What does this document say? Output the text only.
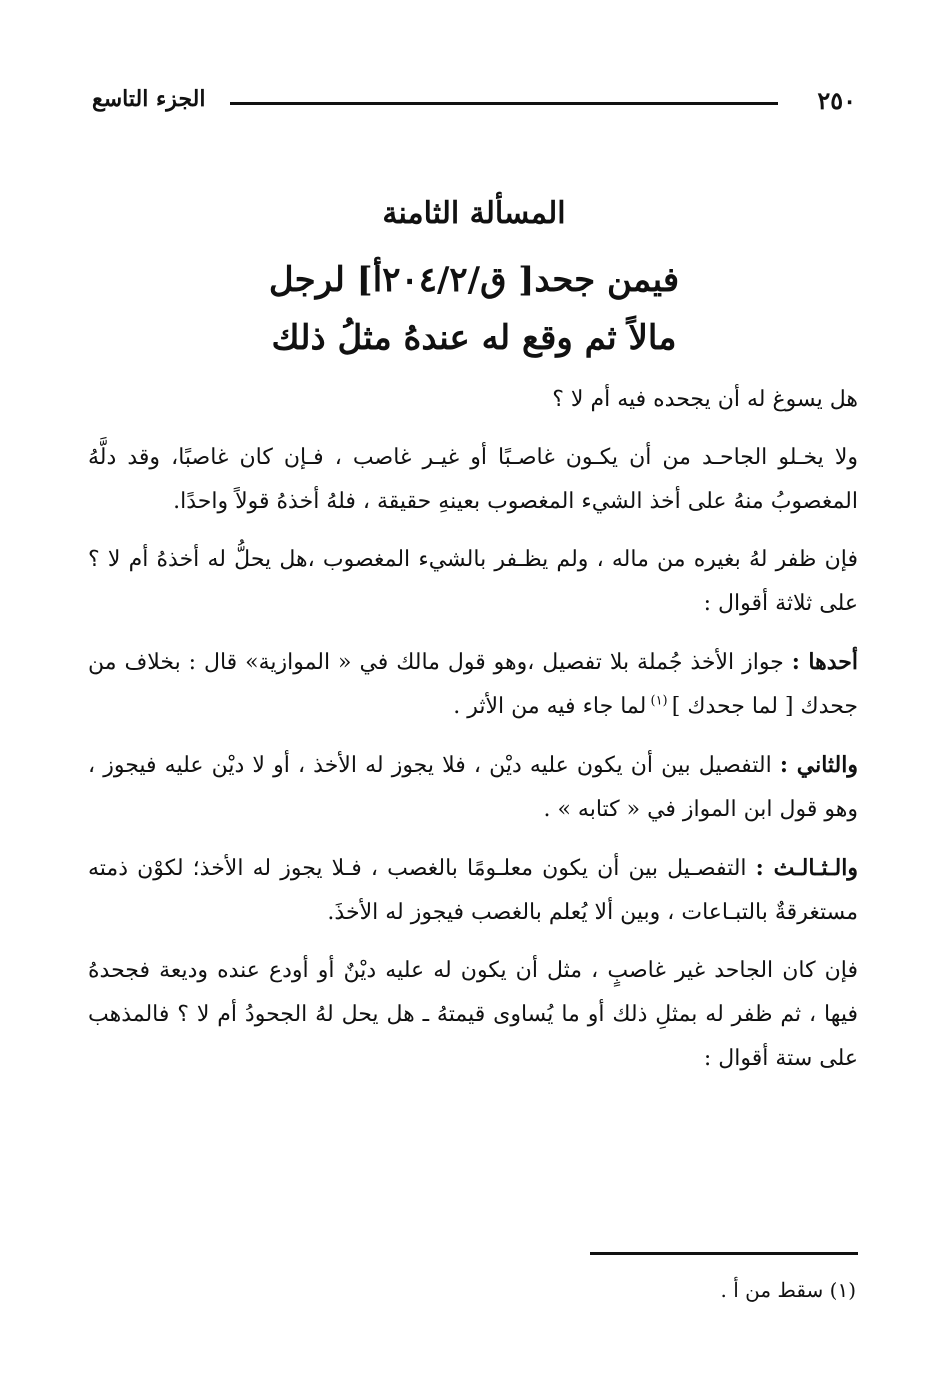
٢٥٠
الجزء التاسع
المسألة الثامنة
فيمن جحد[ ق/٢٠٤/٢أ] لرجل
مالاً ثم وقع له عندهُ مثلُ ذلك

هل يسوغ له أن يجحده فيه أم لا ؟

ولا يخـلو الجاحـد من أن يكـون غاصـبًا أو غيـر غاصب ، فـإن كان غاصبًا، وقد دلَّهُ المغصوبُ منهُ على أخذ الشيء المغصوب بعينهِ حقيقة ، فلهُ أخذهُ قولاً واحدًا.

فإن ظفر لهُ بغيره من ماله ، ولم يظـفر بالشيء المغصوب ،هل يحلُّ له أخذهُ أم لا ؟ على ثلاثة أقوال :

أحدها : جواز الأخذ جُملة بلا تفصيل ،وهو قول مالك في « الموازية» قال : بخلاف من جحدك [ لما جحدك ] $^{(١)}$ لما جاء فيه من الأثر .

والثاني : التفصيل بين أن يكون عليه ديْن ، فلا يجوز له الأخذ ، أو لا ديْن عليه فيجوز ، وهو قول ابن المواز في « كتابه » .

والـثـالـث : التفصـيل بين أن يكون معلـومًا بالغصب ، فـلا يجوز له الأخذ؛ لكوْن ذمته مستغرقةٌ بالتبـاعات ، وبين ألا يُعلم بالغصب فيجوز له الأخذَ.

فإن كان الجاحد غير غاصبٍ ، مثل أن يكون له عليه ديْنٌ أو أودع عنده وديعة فجحدهُ فيها ، ثم ظفر له بمثلِ ذلك أو ما يُساوى قيمتهُ ـ هل يحل لهُ الجحودُ أم لا ؟ فالمذهب على ستة أقوال :

(١) سقط من أ .
